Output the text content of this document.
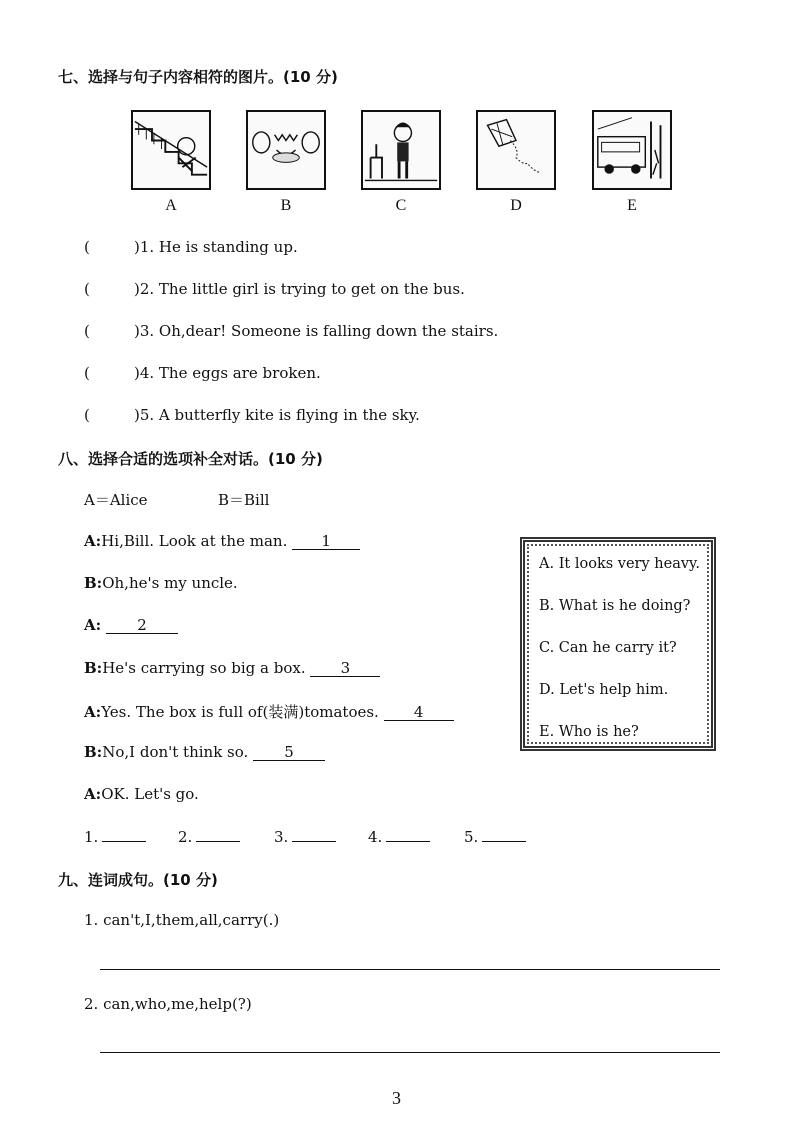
七、选择与句子内容相符的图片。(10 分)
A	B	C	D	E
(	)1. He is standing up.
(	)2. The little girl is trying to get on the bus.
(	)3. Oh,dear! Someone is falling down the stairs.
(	)4. The eggs are broken.
(	)5. A butterfly kite is flying in the sky.
八、选择合适的选项补全对话。(10 分)
A＝Alice	B＝Bill
A:Hi,Bill. Look at the man. 1
B:Oh,he's my uncle.
A: 2
B:He's carrying so big a box. 3
A:Yes. The box is full of(装满)tomatoes. 4
B:No,I don't think so. 5
A:OK. Let's go.
A. It looks very heavy.
B. What is he doing?
C. Can he carry it?
D. Let's help him.
E. Who is he?
1.	2.	3.	4.	5.
九、连词成句。(10 分)
1. can't,I,them,all,carry(.)
2. can,who,me,help(?)
3
